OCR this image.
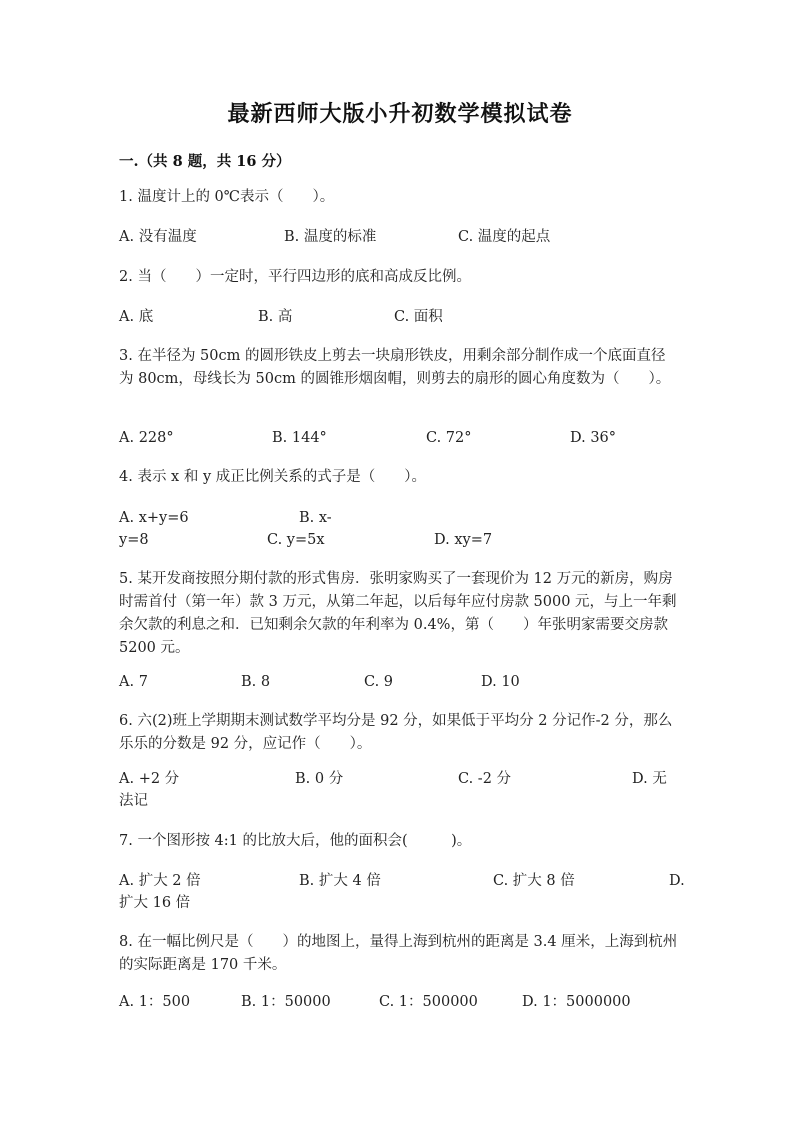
最新西师大版小升初数学模拟试卷
一.（共 8 题，共 16 分）
1. 温度计上的 0℃表示（　　）。
A. 没有温度	B. 温度的标准	C. 温度的起点
2. 当（　　）一定时，平行四边形的底和高成反比例。
A. 底	B. 高	C. 面积
3. 在半径为 50cm 的圆形铁皮上剪去一块扇形铁皮，用剩余部分制作成一个底面直径为 80cm，母线长为 50cm 的圆锥形烟囱帽，则剪去的扇形的圆心角度数为（　　）。
A. 228°	B. 144°	C. 72°	D. 36°
4. 表示 x 和 y 成正比例关系的式子是（　　）。
A. x+y=6	B. x-
y=8	C. y=5x	D. xy=7
5. 某开发商按照分期付款的形式售房．张明家购买了一套现价为 12 万元的新房，购房时需首付（第一年）款 3 万元，从第二年起，以后每年应付房款 5000 元，与上一年剩余欠款的利息之和．已知剩余欠款的年利率为 0.4%，第（　　）年张明家需要交房款 5200 元。
A. 7	B. 8	C. 9	D. 10
6. 六(2)班上学期期末测试数学平均分是 92 分，如果低于平均分 2 分记作-2 分，那么乐乐的分数是 92 分，应记作（　　）。
A. +2 分	B. 0 分	C. -2 分	D. 无
法记
7. 一个图形按 4:1 的比放大后，他的面积会(　　　)。
A. 扩大 2 倍	B. 扩大 4 倍	C. 扩大 8 倍	D.
扩大 16 倍
8. 在一幅比例尺是（　　）的地图上，量得上海到杭州的距离是 3.4 厘米，上海到杭州的实际距离是 170 千米。
A. 1：500	B. 1：50000	C. 1：500000	D. 1：5000000
